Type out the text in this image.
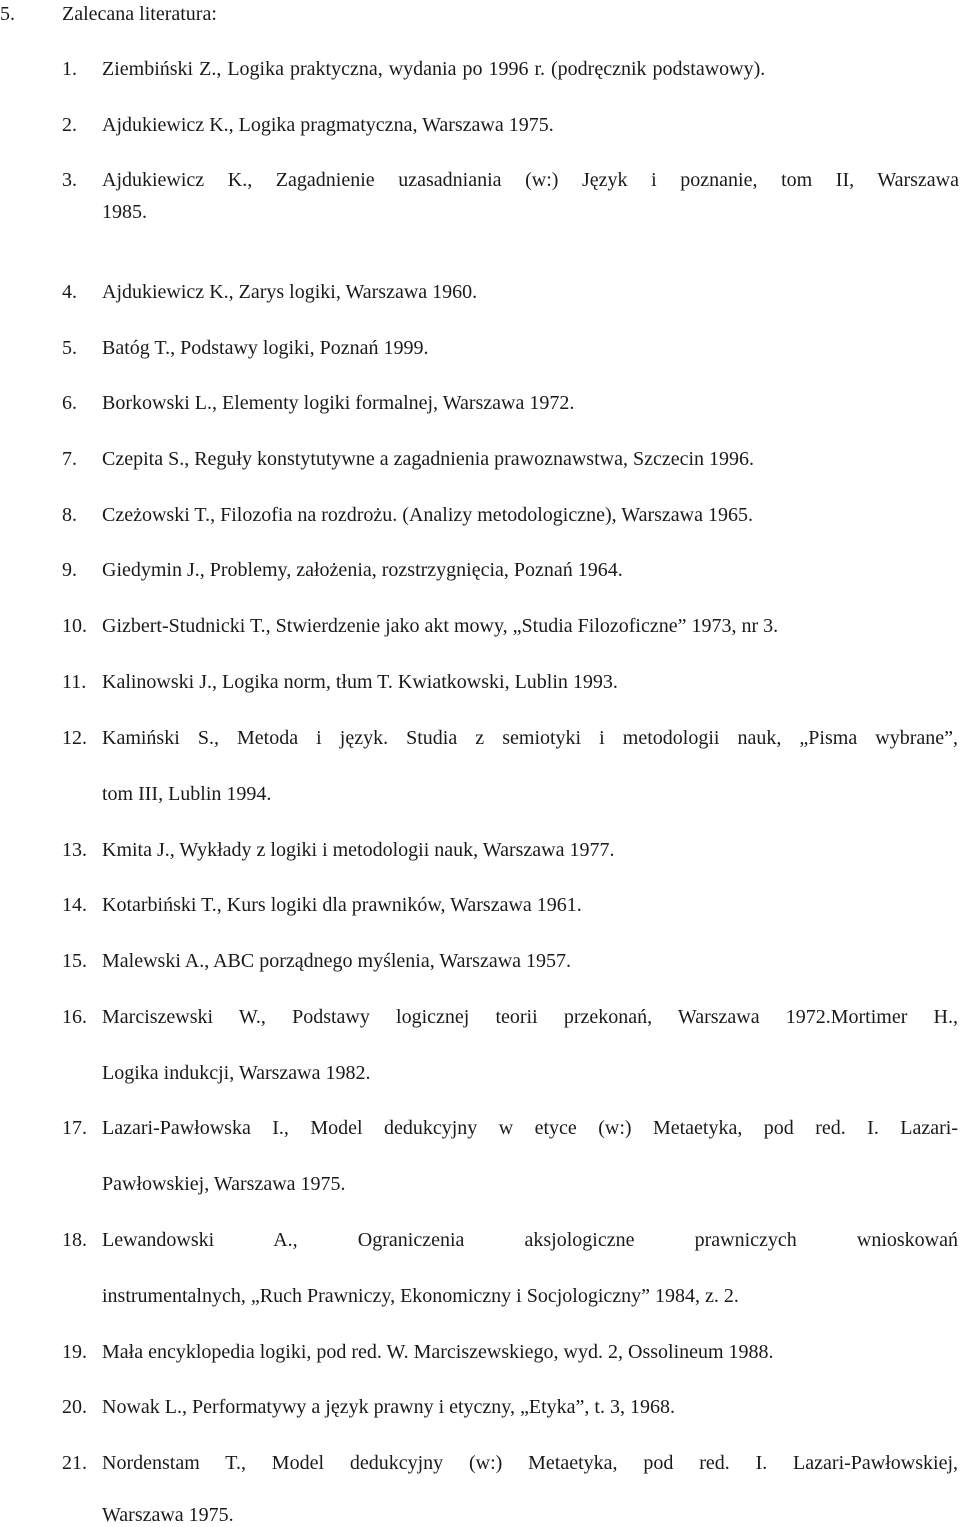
5. Zalecana literatura:
1. Ziembiński Z., Logika praktyczna, wydania po 1996 r. (podręcznik podstawowy).
2. Ajdukiewicz K., Logika pragmatyczna, Warszawa 1975.
3. Ajdukiewicz K., Zagadnienie uzasadniania (w:) Język i poznanie, tom II, Warszawa
1985.
4. Ajdukiewicz K., Zarys logiki, Warszawa 1960.
5. Batóg T., Podstawy logiki, Poznań 1999.
6. Borkowski L., Elementy logiki formalnej, Warszawa 1972.
7. Czepita S., Reguły konstytutywne a zagadnienia prawoznawstwa, Szczecin 1996.
8. Czeżowski T., Filozofia na rozdrożu. (Analizy metodologiczne), Warszawa 1965.
9. Giedymin J., Problemy, założenia, rozstrzygnięcia, Poznań 1964.
10. Gizbert-Studnicki T., Stwierdzenie jako akt mowy, „Studia Filozoficzne” 1973, nr 3.
11. Kalinowski J., Logika norm, tłum T. Kwiatkowski, Lublin 1993.
12. Kamiński S., Metoda i język. Studia z semiotyki i metodologii nauk, „Pisma wybrane”,
tom III, Lublin 1994.
13. Kmita J., Wykłady z logiki i metodologii nauk, Warszawa 1977.
14. Kotarbiński T., Kurs logiki dla prawników, Warszawa 1961.
15. Malewski A., ABC porządnego myślenia, Warszawa 1957.
16. Marciszewski W., Podstawy logicznej teorii przekonań, Warszawa 1972.Mortimer H.,
Logika indukcji, Warszawa 1982.
17. Lazari-Pawłowska I., Model dedukcyjny w etyce (w:) Metaetyka, pod red. I. Lazari-
Pawłowskiej, Warszawa 1975.
18. Lewandowski A., Ograniczenia aksjologiczne prawniczych wnioskowań
instrumentalnych, „Ruch Prawniczy, Ekonomiczny i Socjologiczny” 1984, z. 2.
19. Mała encyklopedia logiki, pod red. W. Marciszewskiego, wyd. 2, Ossolineum 1988.
20. Nowak L., Performatywy a język prawny i etyczny, „Etyka”, t. 3, 1968.
21. Nordenstam T., Model dedukcyjny (w:) Metaetyka, pod red. I. Lazari-Pawłowskiej,
Warszawa 1975.
